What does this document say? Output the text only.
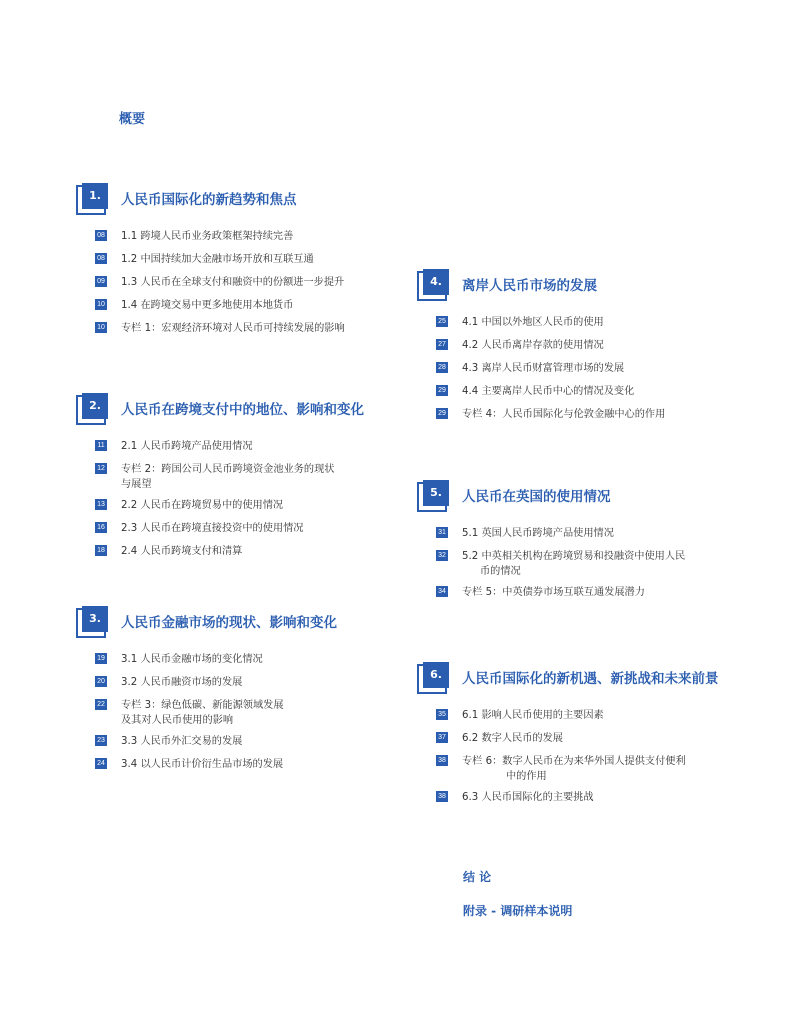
概要
1.	人民币国际化的新趋势和焦点
08 1.1 跨境人民币业务政策框架持续完善
08 1.2 中国持续加大金融市场开放和互联互通
09 1.3 人民币在全球支付和融资中的份额进一步提升
10 1.4 在跨境交易中更多地使用本地货币
10 专栏 1：宏观经济环境对人民币可持续发展的影响
2.	人民币在跨境支付中的地位、影响和变化
11 2.1 人民币跨境产品使用情况
12 专栏 2：跨国公司人民币跨境资金池业务的现状
与展望
13 2.2 人民币在跨境贸易中的使用情况
16 2.3 人民币在跨境直接投资中的使用情况
18 2.4 人民币跨境支付和清算
3.	人民币金融市场的现状、影响和变化
19 3.1 人民币金融市场的变化情况
20 3.2 人民币融资市场的发展
22 专栏 3：绿色低碳、新能源领域发展
及其对人民币使用的影响
23 3.3 人民币外汇交易的发展
24 3.4 以人民币计价衍生品市场的发展
4.	离岸人民币市场的发展
25 4.1 中国以外地区人民币的使用
27 4.2 人民币离岸存款的使用情况
28 4.3 离岸人民币财富管理市场的发展
29 4.4 主要离岸人民币中心的情况及变化
29 专栏 4：人民币国际化与伦敦金融中心的作用
5.	人民币在英国的使用情况
31 5.1 英国人民币跨境产品使用情况
32 5.2 中英相关机构在跨境贸易和投融资中使用人民
币的情况
34 专栏 5：中英债券市场互联互通发展潜力
6.	人民币国际化的新机遇、新挑战和未来前景
35 6.1 影响人民币使用的主要因素
37 6.2 数字人民币的发展
38 专栏 6：数字人民币在为来华外国人提供支付便利
中的作用
38 6.3 人民币国际化的主要挑战
结 论
附录 - 调研样本说明
